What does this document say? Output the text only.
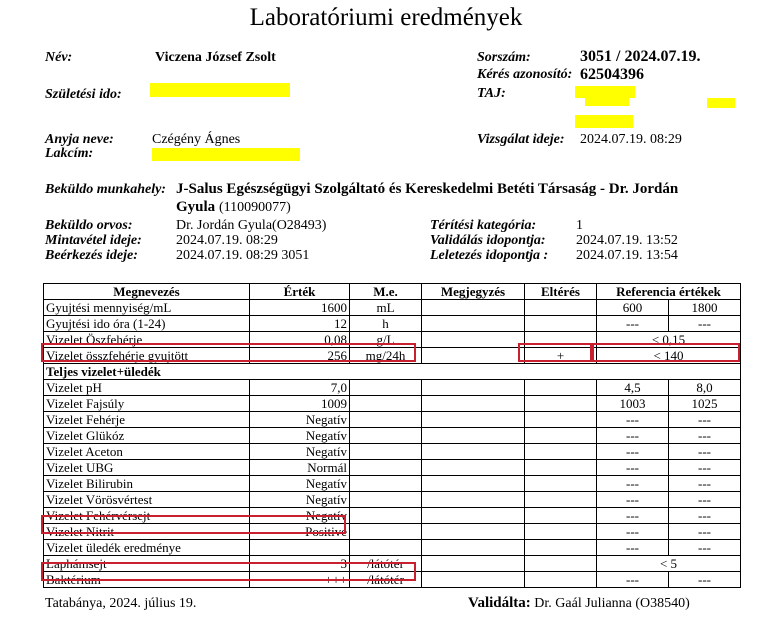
Laboratóriumi eredmények
Név:	Viczena József Zsolt
Születési ido:
Anyja neve:	Czégény Ágnes
Lakcím:
Sorszám:	3051 / 2024.07.19.
Kérés azonosító: 62504396
TAJ:
Vizsgálat ideje: 2024.07.19. 08:29
Beküldo munkahely: J-Salus Egészségügyi Szolgáltató és Kereskedelmi Betéti Társaság - Dr. Jordán
Gyula (110090077)
Beküldo orvos:	Dr. Jordán Gyula(O28493)
Mintavétel ideje: 2024.07.19. 08:29
Beérkezés ideje:	2024.07.19. 08:29 3051
Térítési kategória:	1
Validálás idopontja: 2024.07.19. 13:52
Leletezés idopontja : 2024.07.19. 13:54
Megnevezés	Érték	M.e.	Megjegyzés	Eltérés	Referencia értékek	
Gyujtési mennyiség/mL	1600	mL			600	1800
Gyujtési ido óra (1-24)	12	h			---	---
Vizelet Öszfehérje	0,08	g/L			< 0,15	
Vizelet összfehérje gyujtött	256	mg/24h		+	< 140	
Teljes vizelet+üledék						
Vizelet pH	7,0				4,5	8,0
Vizelet Fajsúly	1009				1003	1025
Vizelet Fehérje	Negatív				---	---
Vizelet Glükóz	Negatív				---	---
Vizelet Aceton	Negatív				---	---
Vizelet UBG	Normál				---	---
Vizelet Bilirubin	Negatív				---	---
Vizelet Vörösvértest	Negatív				---	---
Vizelet Fehérvérsejt	Negatív				---	---
Vizelet Nitrit	Positive				---	---
Vizelet üledék eredménye					---	---
Laphámsejt	3	/látótér			< 5	
Baktérium	+++	/látótér			---	---
Tatabánya, 2024. július 19.	Validálta: Dr. Gaál Julianna (O38540)
